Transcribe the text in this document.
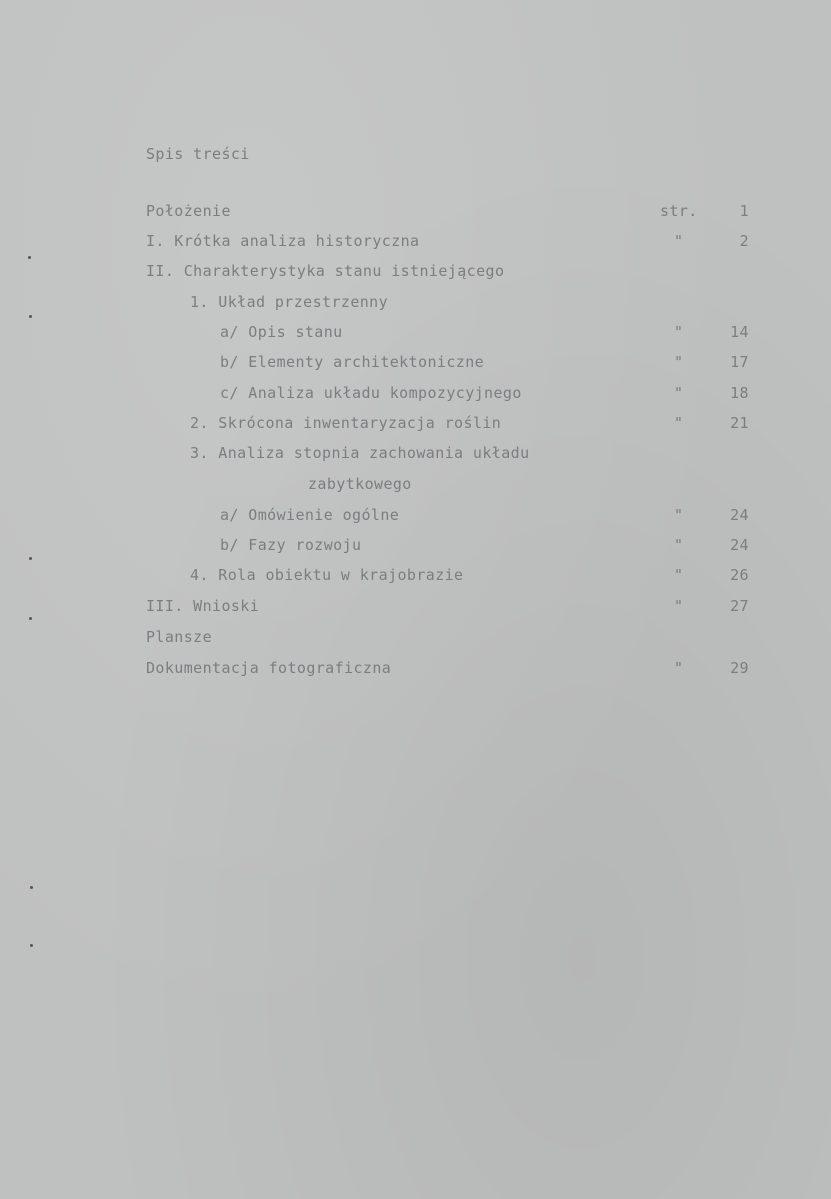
Spis treści
Położenie	str.	1
I. Krótka analiza historyczna	"	2
II. Charakterystyka stanu istniejącego
1. Układ przestrzenny
a/ Opis stanu	"	14
b/ Elementy architektoniczne	"	17
c/ Analiza układu kompozycyjnego	"	18
2. Skrócona inwentaryzacja roślin	"	21
3. Analiza stopnia zachowania układu
zabytkowego
a/ Omówienie ogólne	"	24
b/ Fazy rozwoju	"	24
4. Rola obiektu w krajobrazie	"	26
III. Wnioski	"	27
Plansze
Dokumentacja fotograficzna	"	29
